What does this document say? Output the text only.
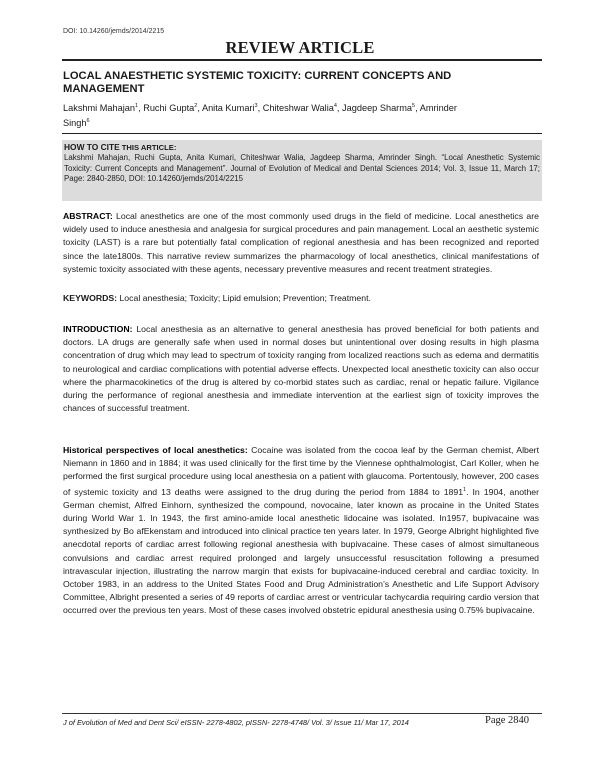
DOI: 10.14260/jemds/2014/2215
REVIEW ARTICLE
LOCAL ANAESTHETIC SYSTEMIC TOXICITY: CURRENT CONCEPTS AND MANAGEMENT
Lakshmi Mahajan$^1$, Ruchi Gupta$^2$, Anita Kumari$^3$, Chiteshwar Walia$^4$, Jagdeep Sharma$^5$, Amrinder Singh$^6$
HOW TO CITE THIS ARTICLE:
Lakshmi Mahajan, Ruchi Gupta, Anita Kumari, Chiteshwar Walia, Jagdeep Sharma, Amrinder Singh. “Local Anesthetic Systemic Toxicity: Current Concepts and Management”. Journal of Evolution of Medical and Dental Sciences 2014; Vol. 3, Issue 11, March 17; Page: 2840-2850, DOI: 10.14260/jemds/2014/2215
ABSTRACT: Local anesthetics are one of the most commonly used drugs in the field of medicine. Local anesthetics are widely used to induce anesthesia and analgesia for surgical procedures and pain management. Local an aesthetic systemic toxicity (LAST) is a rare but potentially fatal complication of regional anesthesia and has been recognized and reported since the late1800s. This narrative review summarizes the pharmacology of local anesthetics, clinical manifestations of systemic toxicity associated with these agents, necessary preventive measures and recent treatment strategies.
KEYWORDS: Local anesthesia; Toxicity; Lipid emulsion; Prevention; Treatment.
INTRODUCTION: Local anesthesia as an alternative to general anesthesia has proved beneficial for both patients and doctors. LA drugs are generally safe when used in normal doses but unintentional over dosing results in high plasma concentration of drug which may lead to spectrum of toxicity ranging from localized reactions such as edema and dermatitis to neurological and cardiac complications with potential adverse effects. Unexpected local anesthetic toxicity can also occur where the pharmacokinetics of the drug is altered by co-morbid states such as cardiac, renal or hepatic failure. Vigilance during the performance of regional anesthesia and immediate intervention at the earliest sign of toxicity improves the chances of successful treatment.
Historical perspectives of local anesthetics: Cocaine was isolated from the cocoa leaf by the German chemist, Albert Niemann in 1860 and in 1884; it was used clinically for the first time by the Viennese ophthalmologist, Carl Koller, when he performed the first surgical procedure using local anesthesia on a patient with glaucoma. Portentously, however, 200 cases of systemic toxicity and 13 deaths were assigned to the drug during the period from 1884 to 1891$^1$. In 1904, another German chemist, Alfred Einhorn, synthesized the compound, novocaine, later known as procaine in the United States during World War 1. In 1943, the first amino-amide local anesthetic lidocaine was isolated. In1957, bupivacaine was synthesized by Bo afEkenstam and introduced into clinical practice ten years later. In 1979, George Albright highlighted five anecdotal reports of cardiac arrest following regional anesthesia with bupivacaine. These cases of almost simultaneous convulsions and cardiac arrest required prolonged and largely unsuccessful resuscitation following a presumed intravascular injection, illustrating the narrow margin that exists for bupivacaine-induced cerebral and cardiac toxicity. In October 1983, in an address to the United States Food and Drug Administration’s Anesthetic and Life Support Advisory Committee, Albright presented a series of 49 reports of cardiac arrest or ventricular tachycardia requiring cardio version that occurred over the previous ten years. Most of these cases involved obstetric epidural anesthesia using 0.75% bupivacaine.
J of Evolution of Med and Dent Sci/ eISSN- 2278-4802, pISSN- 2278-4748/ Vol. 3/ Issue 11/ Mar 17, 2014	Page 2840
